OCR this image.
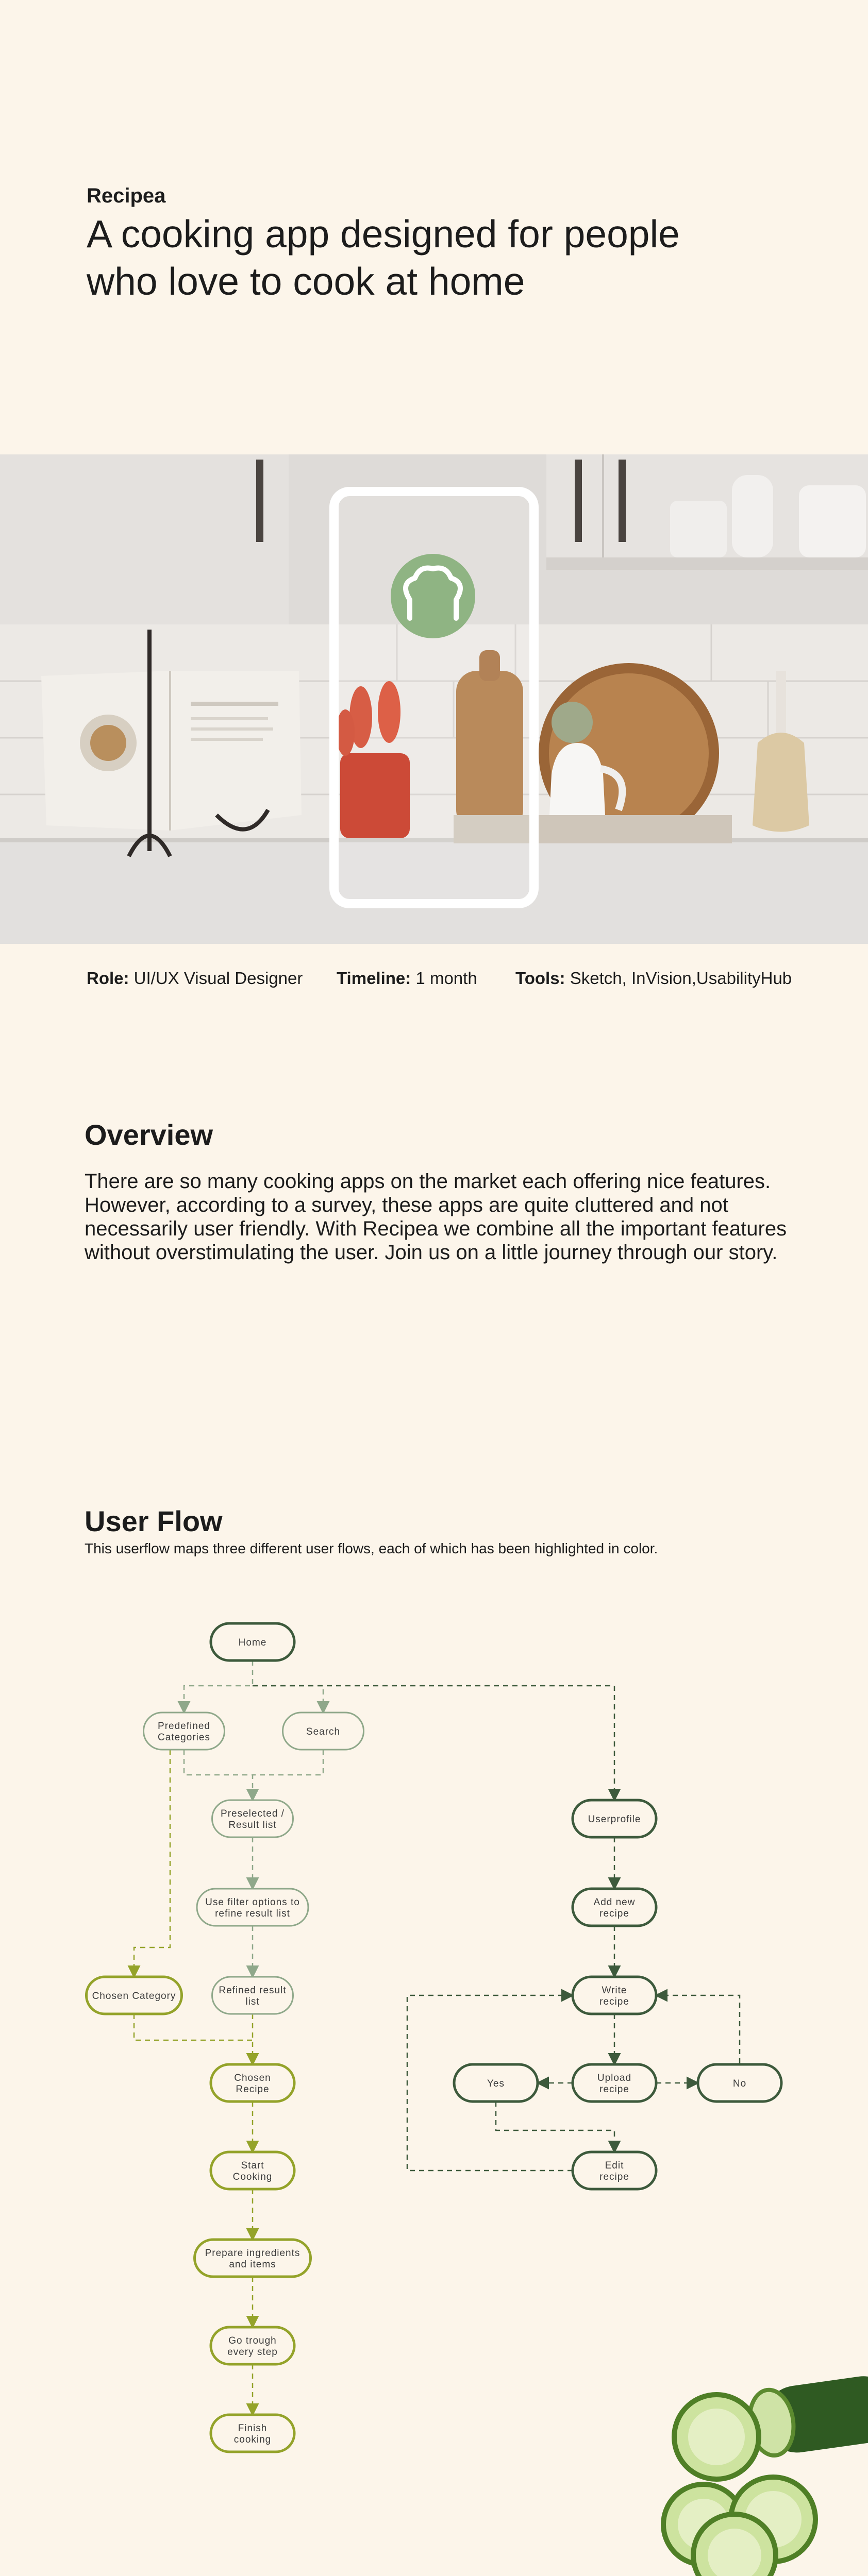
Recipea
A cooking app designed for people
who love to cook at home
Role: UI/UX Visual Designer Timeline: 1 month Tools: Sketch, InVision,UsabilityHub
Overview

There are so many cooking apps on the market each offering nice features. However, according to a survey, these apps are quite cluttered and not necessarily user friendly. With Recipea we combine all the important features without overstimulating the user. Join us on a little journey through our story.

User Flow

This userflow maps three different user flows, each of which has been highlighted in color.

Home
Predefined
Categories
Search
Preselected /
Result list
Use filter options to
refine result list
Refined result
list
Chosen Category
Chosen
Recipe
Start
Cooking
Prepare ingredients
and items
Go trough
every step
Finish
cooking
Userprofile
Add new
recipe
Write
recipe
Upload
recipe
Yes	No
Edit
recipe
